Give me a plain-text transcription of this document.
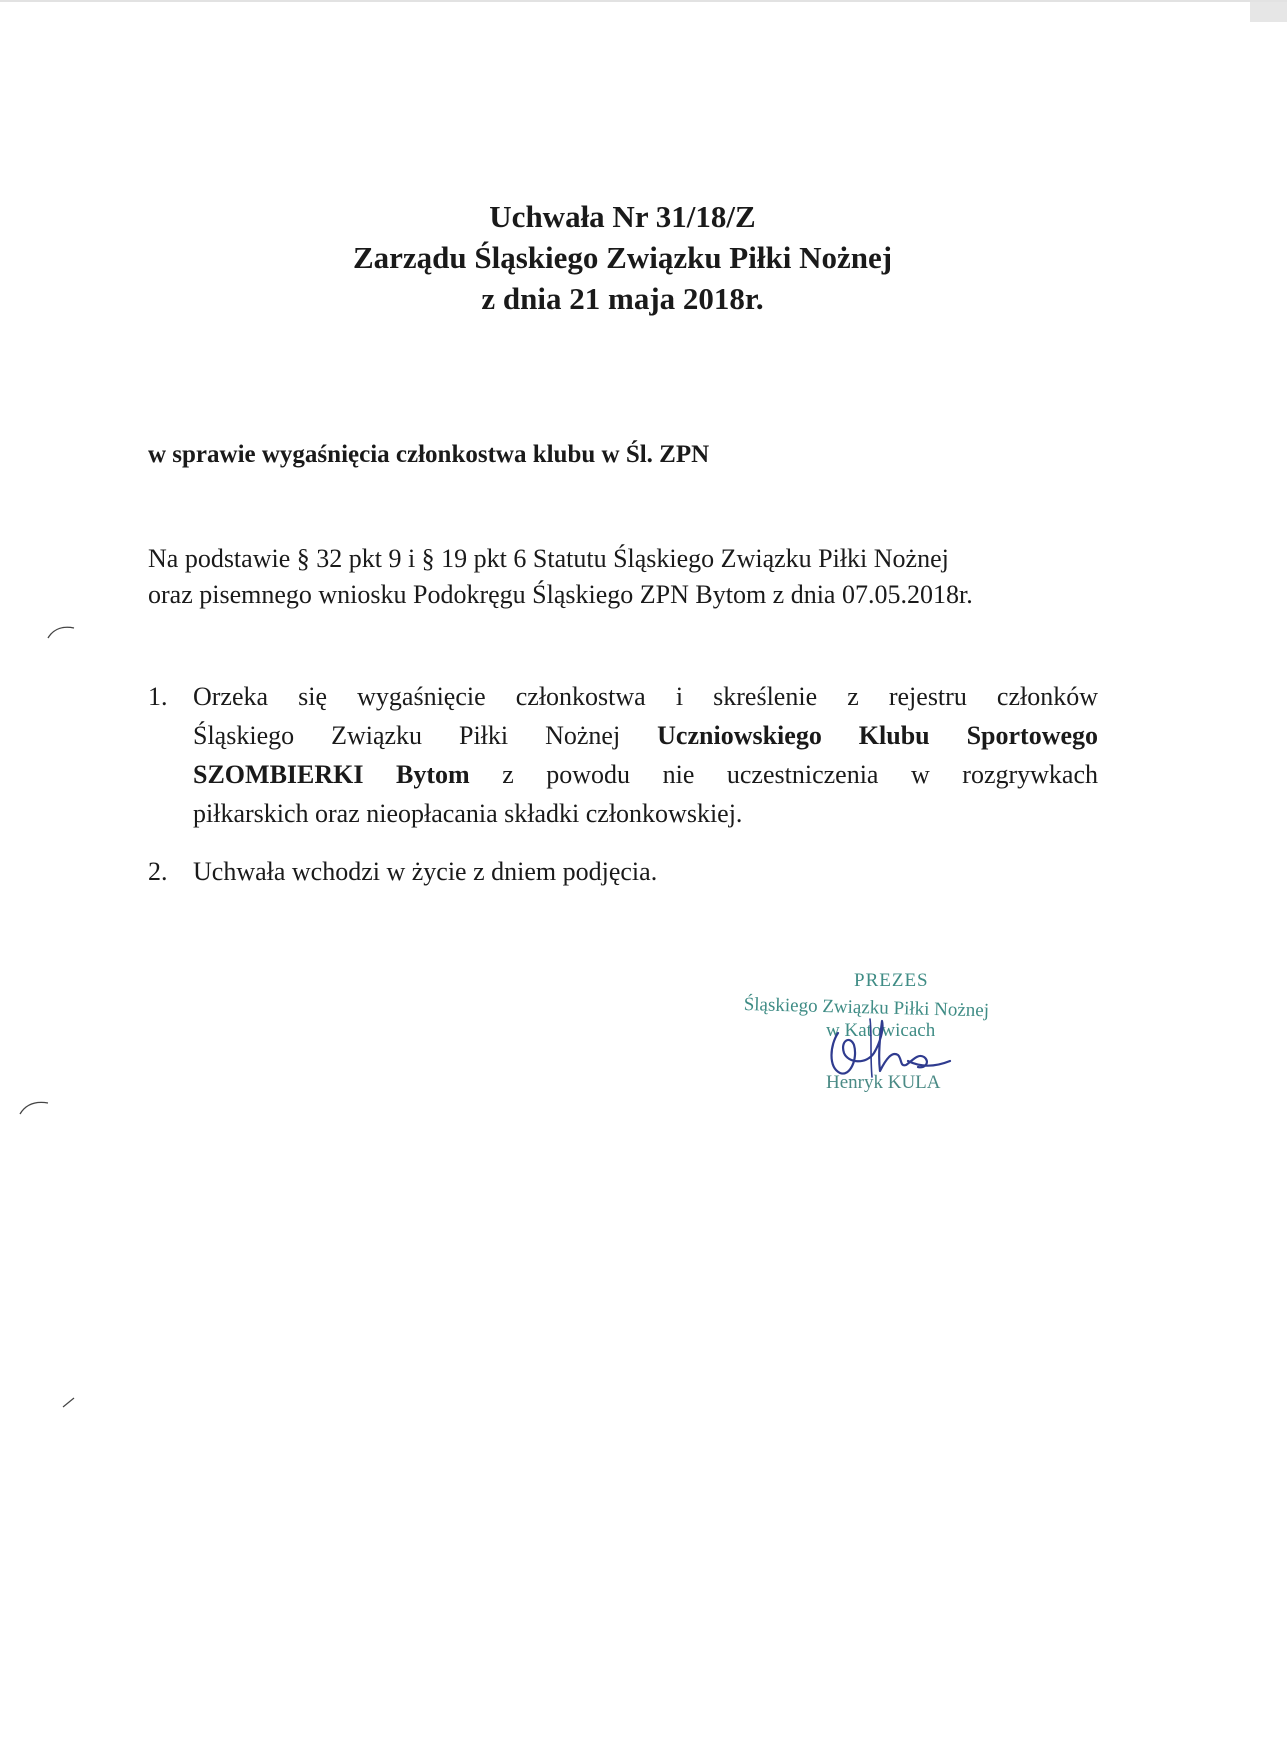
Uchwała Nr 31/18/Z
Zarządu Śląskiego Związku Piłki Nożnej
z dnia 21 maja 2018r.
w sprawie wygaśnięcia członkostwa klubu w Śl. ZPN
Na podstawie § 32 pkt 9 i § 19 pkt 6 Statutu Śląskiego Związku Piłki Nożnej
oraz pisemnego wniosku Podokręgu Śląskiego ZPN Bytom z dnia 07.05.2018r.
1. Orzeka się wygaśnięcie członkostwa i skreślenie z rejestru członków
Śląskiego Związku Piłki Nożnej Uczniowskiego Klubu Sportowego
SZOMBIERKI Bytom z powodu nie uczestniczenia w rozgrywkach
piłkarskich oraz nieopłacania składki członkowskiej.
2. Uchwała wchodzi w życie z dniem podjęcia.
PREZES
Śląskiego Związku Piłki Nożnej
w Katowicach
Henryk KULA
